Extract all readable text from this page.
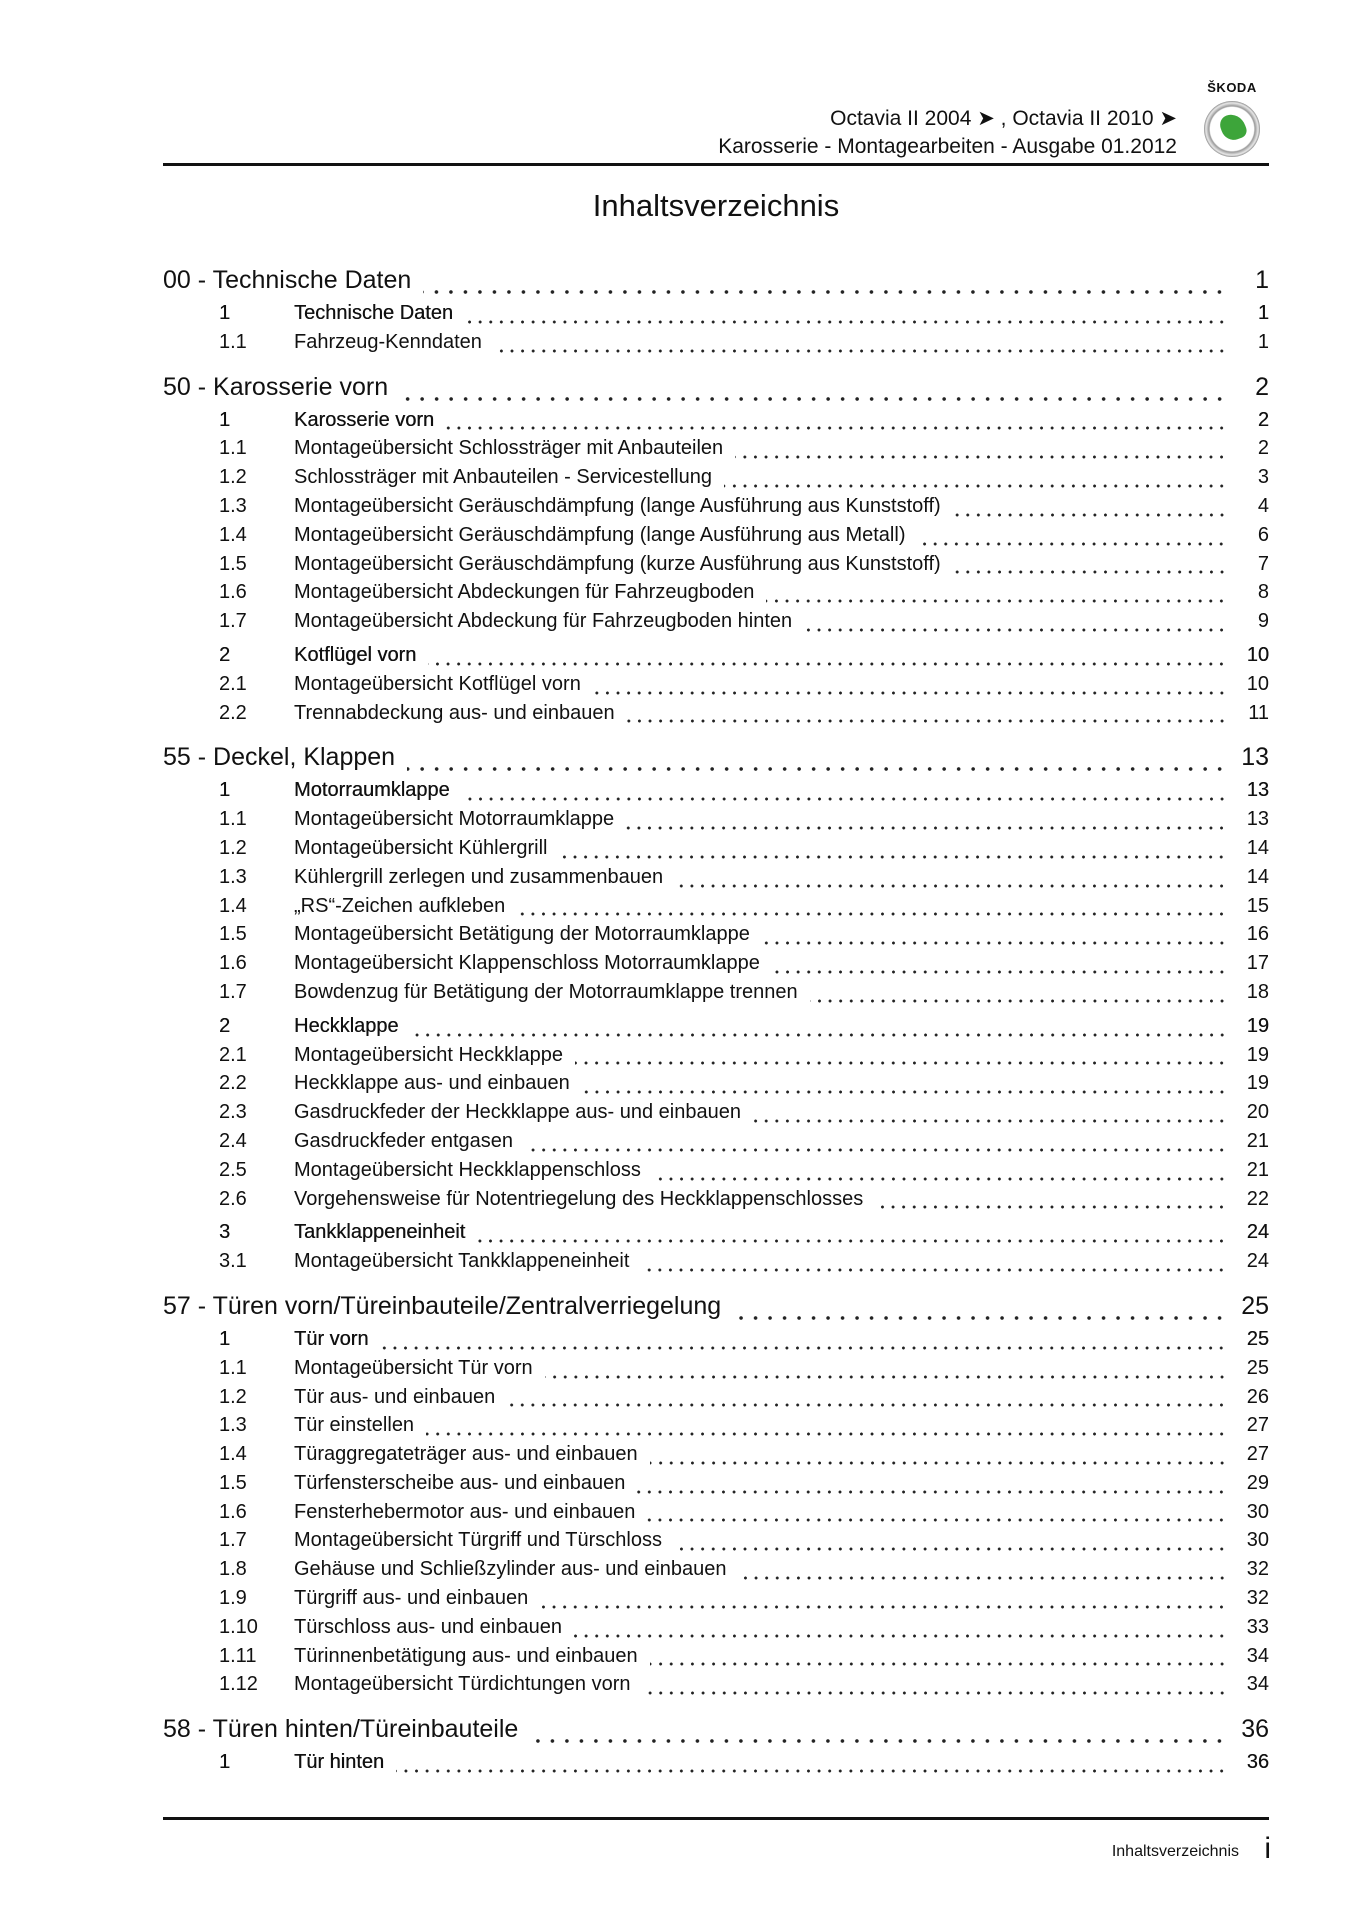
Octavia II 2004 ➤ , Octavia II 2010 ➤
Karosserie - Montagearbeiten - Ausgabe 01.2012
ŠKODA
Inhaltsverzeichnis
00 - Technische Daten	1
1	Technische Daten	1
1.1	Fahrzeug-Kenndaten	1
50 - Karosserie vorn	2
1	Karosserie vorn	2
1.1	Montageübersicht Schlossträger mit Anbauteilen	2
1.2	Schlossträger mit Anbauteilen - Servicestellung	3
1.3	Montageübersicht Geräuschdämpfung (lange Ausführung aus Kunststoff)	4
1.4	Montageübersicht Geräuschdämpfung (lange Ausführung aus Metall)	6
1.5	Montageübersicht Geräuschdämpfung (kurze Ausführung aus Kunststoff)	7
1.6	Montageübersicht Abdeckungen für Fahrzeugboden	8
1.7	Montageübersicht Abdeckung für Fahrzeugboden hinten	9
2	Kotflügel vorn	10
2.1	Montageübersicht Kotflügel vorn	10
2.2	Trennabdeckung aus- und einbauen	11
55 - Deckel, Klappen	13
1	Motorraumklappe	13
1.1	Montageübersicht Motorraumklappe	13
1.2	Montageübersicht Kühlergrill	14
1.3	Kühlergrill zerlegen und zusammenbauen	14
1.4	„RS“-Zeichen aufkleben	15
1.5	Montageübersicht Betätigung der Motorraumklappe	16
1.6	Montageübersicht Klappenschloss Motorraumklappe	17
1.7	Bowdenzug für Betätigung der Motorraumklappe trennen	18
2	Heckklappe	19
2.1	Montageübersicht Heckklappe	19
2.2	Heckklappe aus- und einbauen	19
2.3	Gasdruckfeder der Heckklappe aus- und einbauen	20
2.4	Gasdruckfeder entgasen	21
2.5	Montageübersicht Heckklappenschloss	21
2.6	Vorgehensweise für Notentriegelung des Heckklappenschlosses	22
3	Tankklappeneinheit	24
3.1	Montageübersicht Tankklappeneinheit	24
57 - Türen vorn/Türeinbauteile/Zentralverriegelung	25
1	Tür vorn	25
1.1	Montageübersicht Tür vorn	25
1.2	Tür aus- und einbauen	26
1.3	Tür einstellen	27
1.4	Türaggregateträger aus- und einbauen	27
1.5	Türfensterscheibe aus- und einbauen	29
1.6	Fensterhebermotor aus- und einbauen	30
1.7	Montageübersicht Türgriff und Türschloss	30
1.8	Gehäuse und Schließzylinder aus- und einbauen	32
1.9	Türgriff aus- und einbauen	32
1.10	Türschloss aus- und einbauen	33
1.11	Türinnenbetätigung aus- und einbauen	34
1.12	Montageübersicht Türdichtungen vorn	34
58 - Türen hinten/Türeinbauteile	36
1	Tür hinten	36
Inhaltsverzeichnis i
